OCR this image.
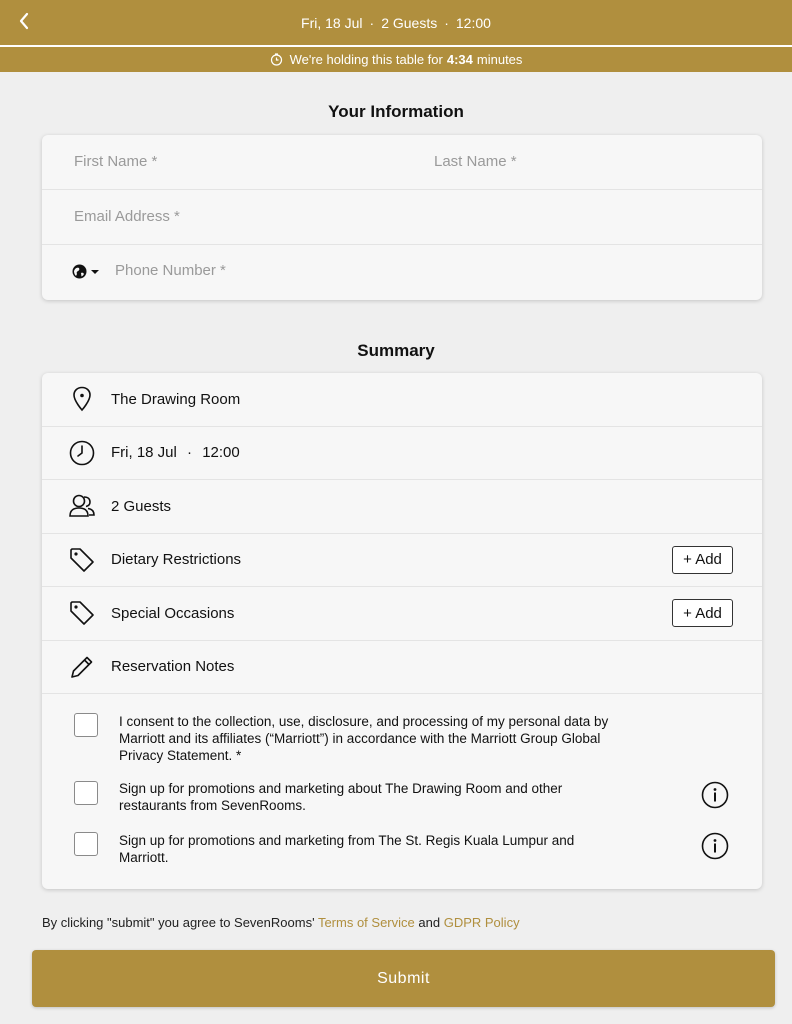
Fri, 18 Jul · 2 Guests · 12:00
We're holding this table for 4:34 minutes
Your Information
First Name *	Last Name *
Email Address *
Phone Number *
Summary
The Drawing Room
Fri, 18 Jul · 12:00
2 Guests
Dietary Restrictions	+ Add
Special Occasions	+ Add
Reservation Notes
I consent to the collection, use, disclosure, and processing of my personal data by Marriott and its affiliates (“Marriott”) in accordance with the Marriott Group Global Privacy Statement. *
Sign up for promotions and marketing about The Drawing Room and other restaurants from SevenRooms.
Sign up for promotions and marketing from The St. Regis Kuala Lumpur and Marriott.
By clicking "submit" you agree to SevenRooms' Terms of Service and GDPR Policy
Submit
